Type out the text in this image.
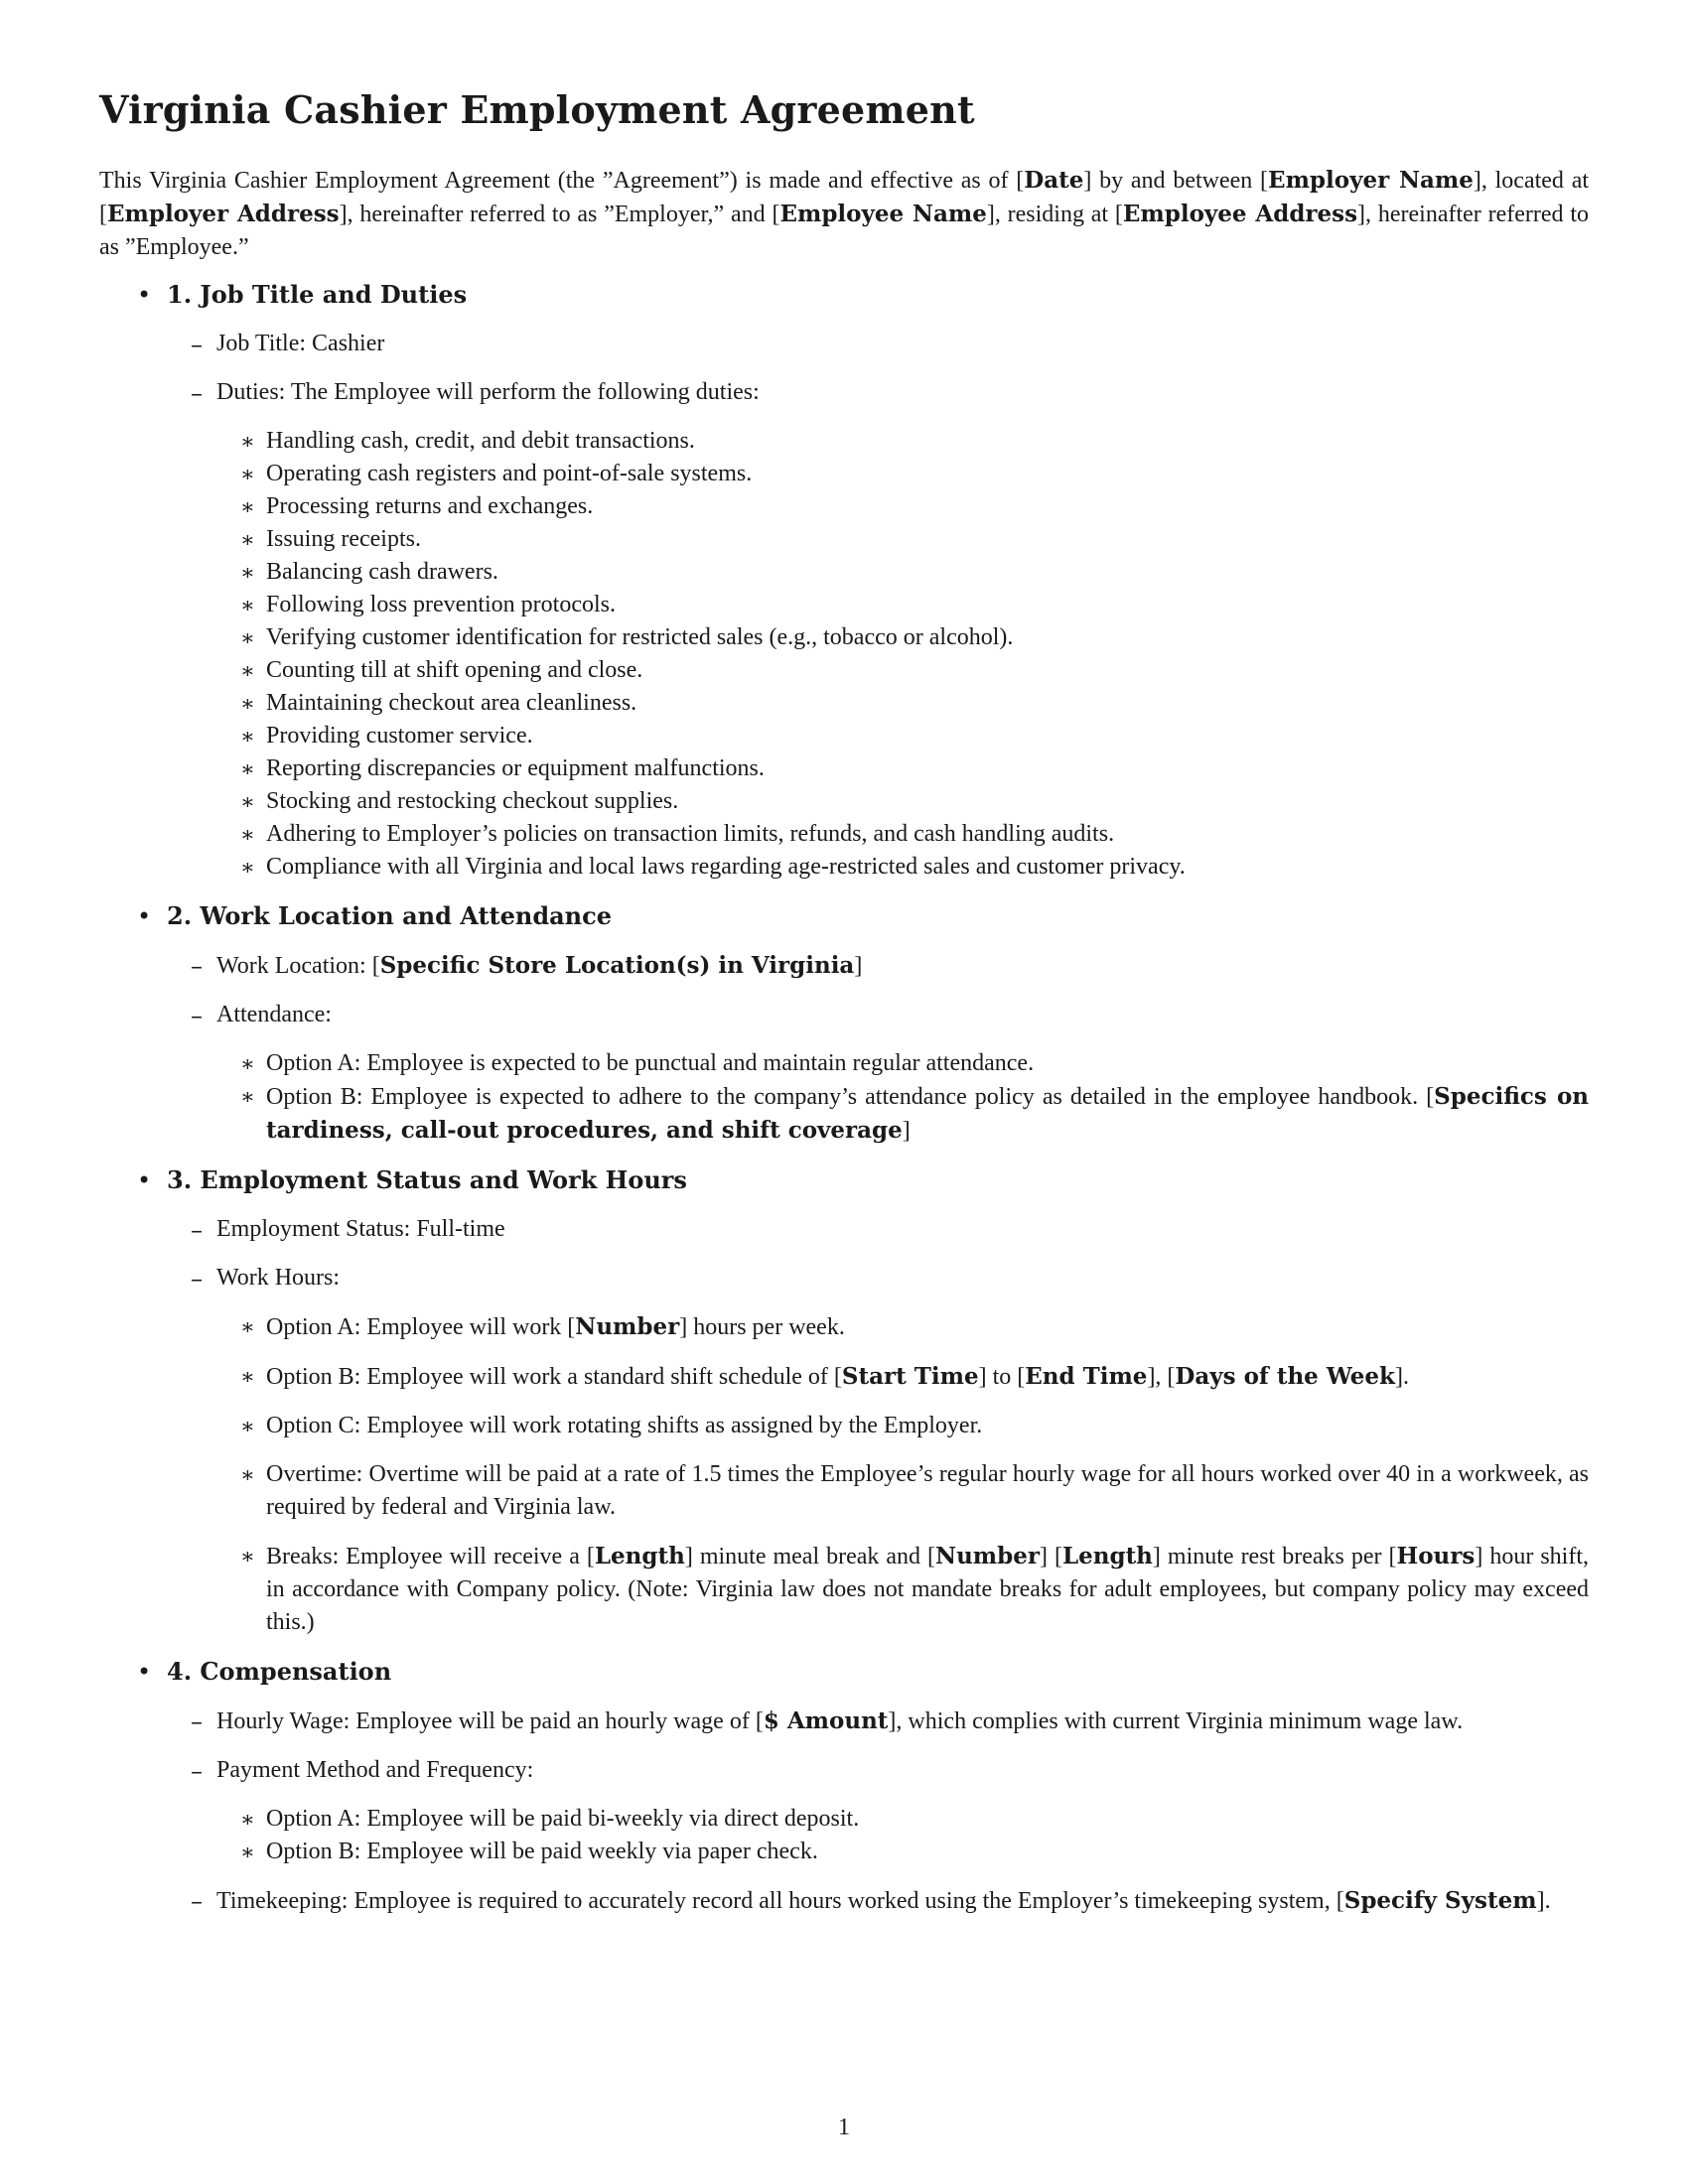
Virginia Cashier Employment Agreement

This Virginia Cashier Employment Agreement (the ”Agreement”) is made and effective as of [Date] by and between [Employer Name], located at [Employer Address], hereinafter referred to as ”Employer,” and [Employee Name], residing at [Employee Address], hereinafter referred to as ”Employee.”

• 1. Job Title and Duties
– Job Title: Cashier
– Duties: The Employee will perform the following duties:
∗ Handling cash, credit, and debit transactions.
∗ Operating cash registers and point-of-sale systems.
∗ Processing returns and exchanges.
∗ Issuing receipts.
∗ Balancing cash drawers.
∗ Following loss prevention protocols.
∗ Verifying customer identification for restricted sales (e.g., tobacco or alcohol).
∗ Counting till at shift opening and close.
∗ Maintaining checkout area cleanliness.
∗ Providing customer service.
∗ Reporting discrepancies or equipment malfunctions.
∗ Stocking and restocking checkout supplies.
∗ Adhering to Employer’s policies on transaction limits, refunds, and cash handling audits.
∗ Compliance with all Virginia and local laws regarding age-restricted sales and customer privacy.
• 2. Work Location and Attendance
– Work Location: [Specific Store Location(s) in Virginia]
– Attendance:
∗ Option A: Employee is expected to be punctual and maintain regular attendance.
∗ Option B: Employee is expected to adhere to the company’s attendance policy as detailed in the employee handbook. [Specifics on tardiness, call-out procedures, and shift coverage]
• 3. Employment Status and Work Hours
– Employment Status: Full-time
– Work Hours:
∗ Option A: Employee will work [Number] hours per week.
∗ Option B: Employee will work a standard shift schedule of [Start Time] to [End Time], [Days of the Week].
∗ Option C: Employee will work rotating shifts as assigned by the Employer.
∗ Overtime: Overtime will be paid at a rate of 1.5 times the Employee’s regular hourly wage for all hours worked over 40 in a workweek, as required by federal and Virginia law.
∗ Breaks: Employee will receive a [Length] minute meal break and [Number] [Length] minute rest breaks per [Hours] hour shift, in accordance with Company policy. (Note: Virginia law does not mandate breaks for adult employees, but company policy may exceed this.)
• 4. Compensation
– Hourly Wage: Employee will be paid an hourly wage of [$ Amount], which complies with current Virginia minimum wage law.
– Payment Method and Frequency:
∗ Option A: Employee will be paid bi-weekly via direct deposit.
∗ Option B: Employee will be paid weekly via paper check.
– Timekeeping: Employee is required to accurately record all hours worked using the Employer’s timekeeping system, [Specify System].
1
